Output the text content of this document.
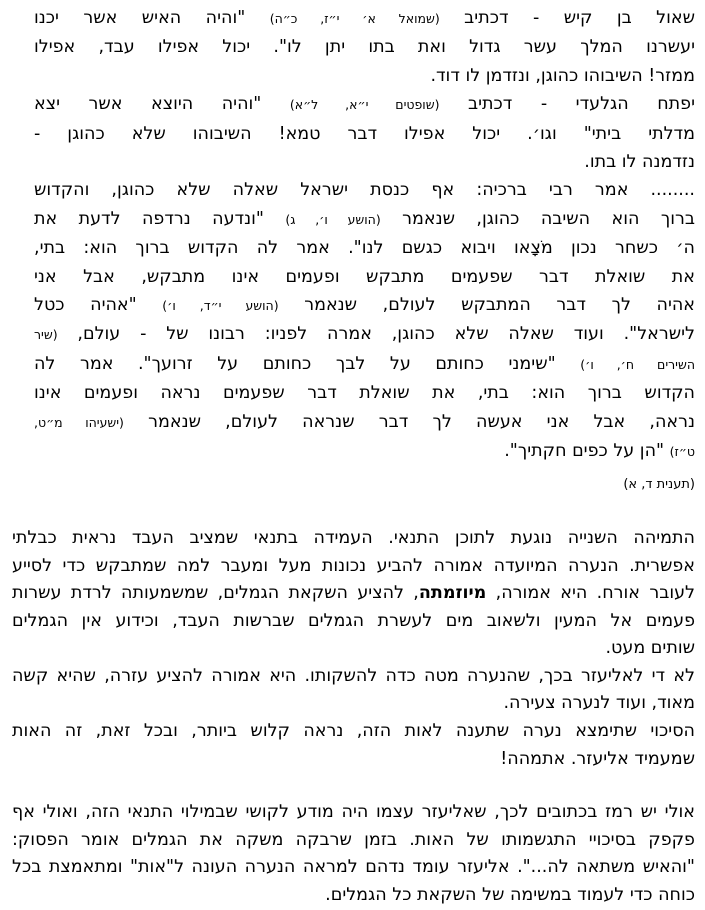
שאול בן קיש - דכתיב (שמואל א׳ י״ז, כ״ה) "והיה האיש אשר יכנו
יעשרנו המלך עשר גדול ואת בתו יתן לו". יכול אפילו עבד, אפילו
ממזר! השיבוהו כהוגן, ונזדמן לו דוד.
יפתח הגלעדי - דכתיב (שופטים י״א, ל״א) "והיה היוצא אשר יצא
מדלתי ביתי" וגו׳. יכול אפילו דבר טמא! השיבוהו שלא כהוגן -
נזדמנה לו בתו.
........ אמר רבי ברכיה: אף כנסת ישראל שאלה שלא כהוגן, והקדוש
ברוך הוא השיבה כהוגן, שנאמר (הושע ו׳, ג) "ונדעה נרדפה לדעת את
ה׳ כשחר נכון מֹצָאו ויבוא כגשם לנו". אמר לה הקדוש ברוך הוא: בתי,
את שואלת דבר שפעמים מתבקש ופעמים אינו מתבקש, אבל אני
אהיה לך דבר המתבקש לעולם, שנאמר (הושע י״ד, ו׳) "אהיה כטל
לישראל". ועוד שאלה שלא כהוגן, אמרה לפניו: רבונו של - עולם, (שיר
השירים ח׳, ו׳) "שימני כחותם על לבך כחותם על זרועך". אמר לה
הקדוש ברוך הוא: בתי, את שואלת דבר שפעמים נראה ופעמים אינו
נראה, אבל אני אעשה לך דבר שנראה לעולם, שנאמר (ישעיהו מ״ט,
ט״ז) "הן על כפים חקתיך".
(תענית ד, א)
התמיהה השנייה נוגעת לתוכן התנאי. העמידה בתנאי שמציב העבד נראית כבלתי
אפשרית. הנערה המיועדה אמורה להביע נכונות מעל ומעבר למה שמתבקש כדי לסייע
לעובר אורח. היא אמורה, מיוזמתה, להציע השקאת הגמלים, שמשמעותה לרדת עשרות
פעמים אל המעין ולשאוב מים לעשרת הגמלים שברשות העבד, וכידוע אין הגמלים
שותים מעט.
לא די לאליעזר בכך, שהנערה מטה כדה להשקותו. היא אמורה להציע עזרה, שהיא קשה
מאוד, ועוד לנערה צעירה.
הסיכוי שתימצא נערה שתענה לאות הזה, נראה קלוש ביותר, ובכל זאת, זה האות
שמעמיד אליעזר. אתמהה!
אולי יש רמז בכתובים לכך, שאליעזר עצמו היה מודע לקושי שבמילוי התנאי הזה, ואולי אף
פקפק בסיכויי התגשמותו של האות. בזמן שרבקה משקה את הגמלים אומר הפסוק:
"והאיש משתאה לה...". אליעזר עומד נדהם למראה הנערה העונה ל"אות" ומתאמצת בכל
כוחה כדי לעמוד במשימה של השקאת כל הגמלים.
